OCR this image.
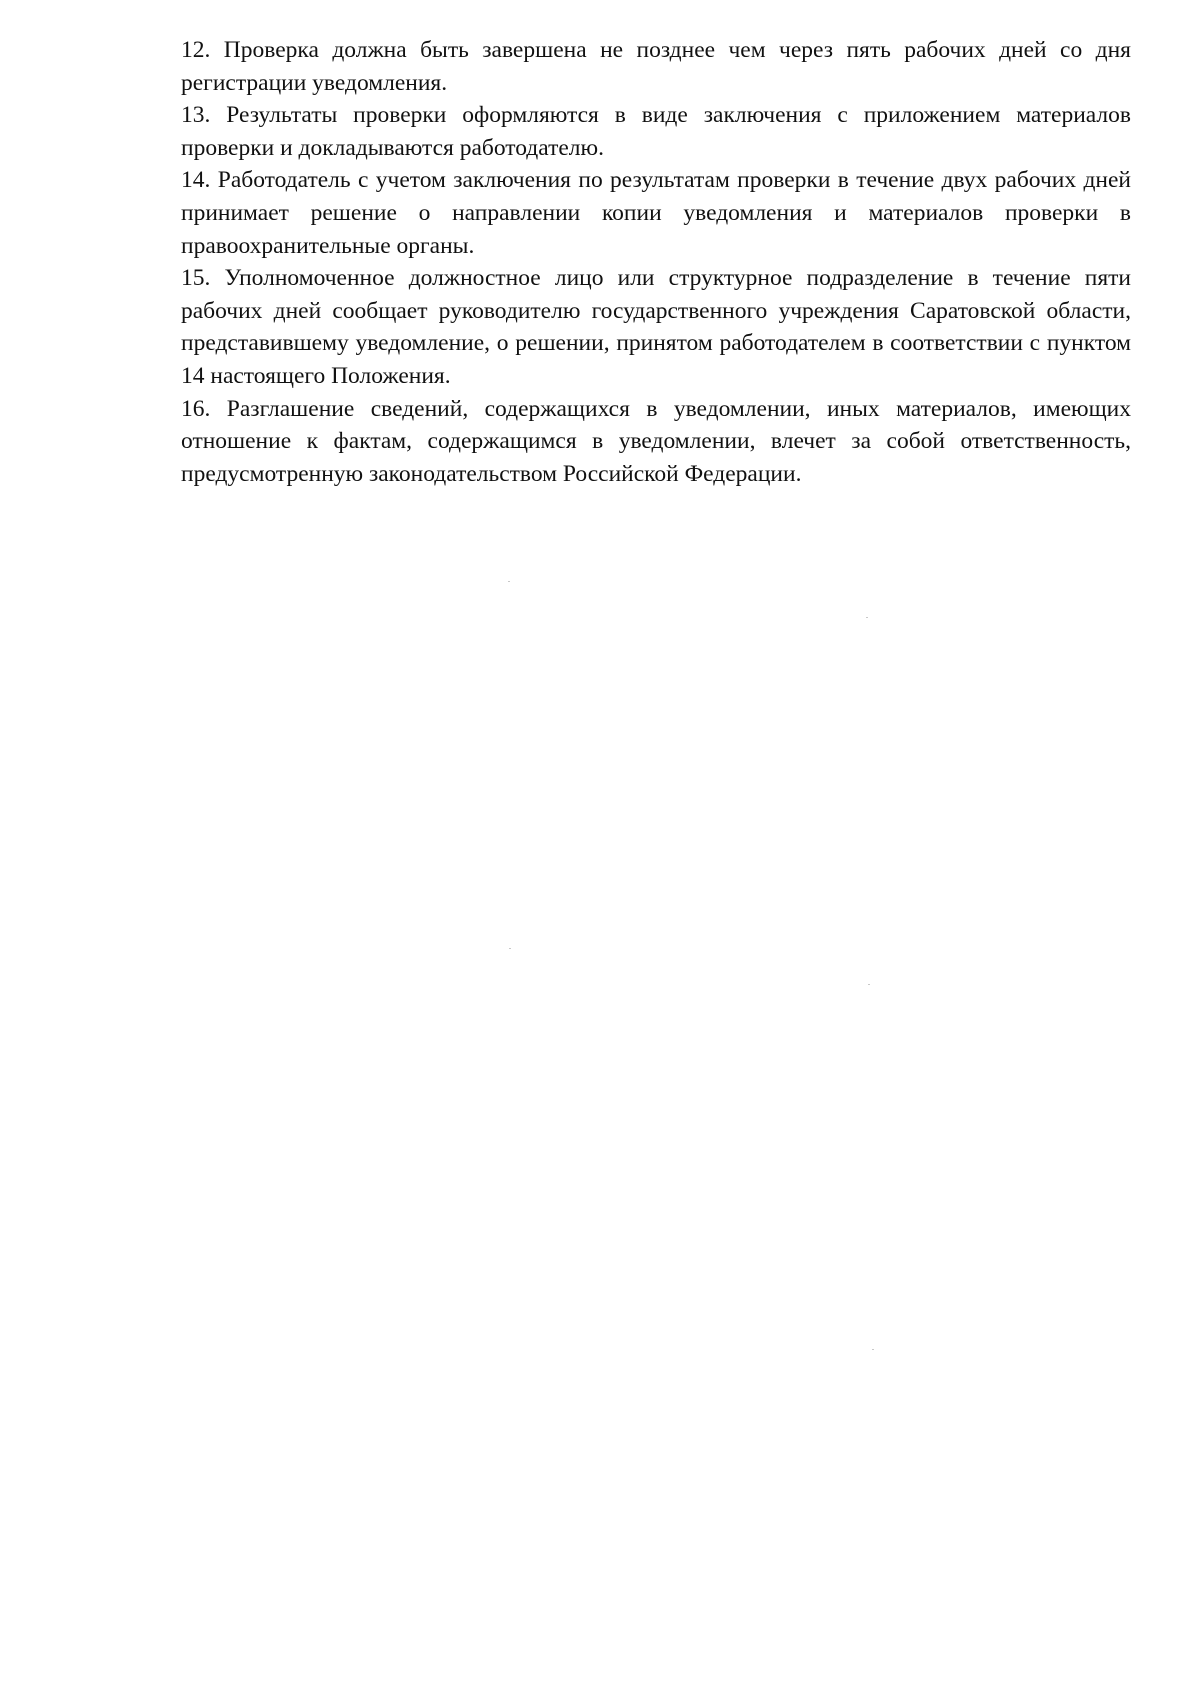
12. Проверка должна быть завершена не позднее чем через пять рабочих дней со дня регистрации уведомления.

13. Результаты проверки оформляются в виде заключения с приложением материалов проверки и докладываются работодателю.

14. Работодатель с учетом заключения по результатам проверки в течение двух рабочих дней принимает решение о направлении копии уведомления и материалов проверки в правоохранительные органы.

15. Уполномоченное должностное лицо или структурное подразделение в течение пяти рабочих дней сообщает руководителю государственного учреждения Саратовской области, представившему уведомление, о решении, принятом работодателем в соответствии с пунктом 14 настоящего Положения.

16. Разглашение сведений, содержащихся в уведомлении, иных материалов, имеющих отношение к фактам, содержащимся в уведомлении, влечет за собой ответственность, предусмотренную законодательством Российской Федерации.
